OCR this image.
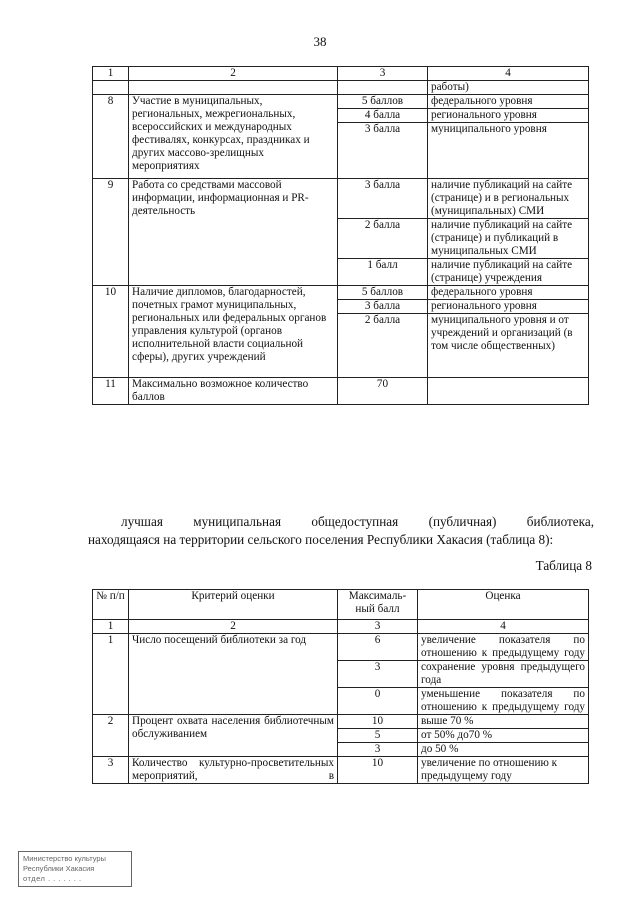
38
1	2	3	4
			работы)
8	Участие в муниципальных, региональных, межрегиональных, всероссийских и международных фестивалях, конкурсах, праздниках и других массово-зрелищных мероприятиях	5 баллов	федерального уровня
		4 балла	регионального уровня
		3 балла	муниципального уровня
9	Работа со средствами массовой информации, информационная и PR-деятельность	3 балла	наличие публикаций на сайте (странице) и в региональных (муниципальных) СМИ
		2 балла	наличие публикаций на сайте (странице) и публикаций в муниципальных СМИ
		1 балл	наличие публикаций на сайте (странице) учреждения
10	Наличие дипломов, благодарностей, почетных грамот муниципальных, региональных или федеральных органов управления культурой (органов исполнительной власти социальной сферы), других учреждений	5 баллов	федерального уровня
		3 балла	регионального уровня
		2 балла	муниципального уровня и от учреждений и организаций (в том числе общественных)
11	Максимально возможное количество баллов	70	
лучшая муниципальная общедоступная (публичная) библиотека,
находящаяся на территории сельского поселения Республики Хакасия (таблица 8):
Таблица 8
№ п/п	Критерий оценки	Максималь-ный балл	Оценка
1	2	3	4
1	Число посещений библиотеки за год	6	увеличение показателя по отношению к предыдущему году
		3	сохранение уровня предыдущего года
		0	уменьшение показателя по отношению к предыдущему году
2	Процент охвата населения библиотечным обслуживанием	10	выше 70 %
		5	от 50% до70 %
		3	до 50 %
3	Количество культурно-просветительных мероприятий, в	10	увеличение по отношению к предыдущему году
Министерство культуры
Республики Хакасия
отдел . . . . . . .
